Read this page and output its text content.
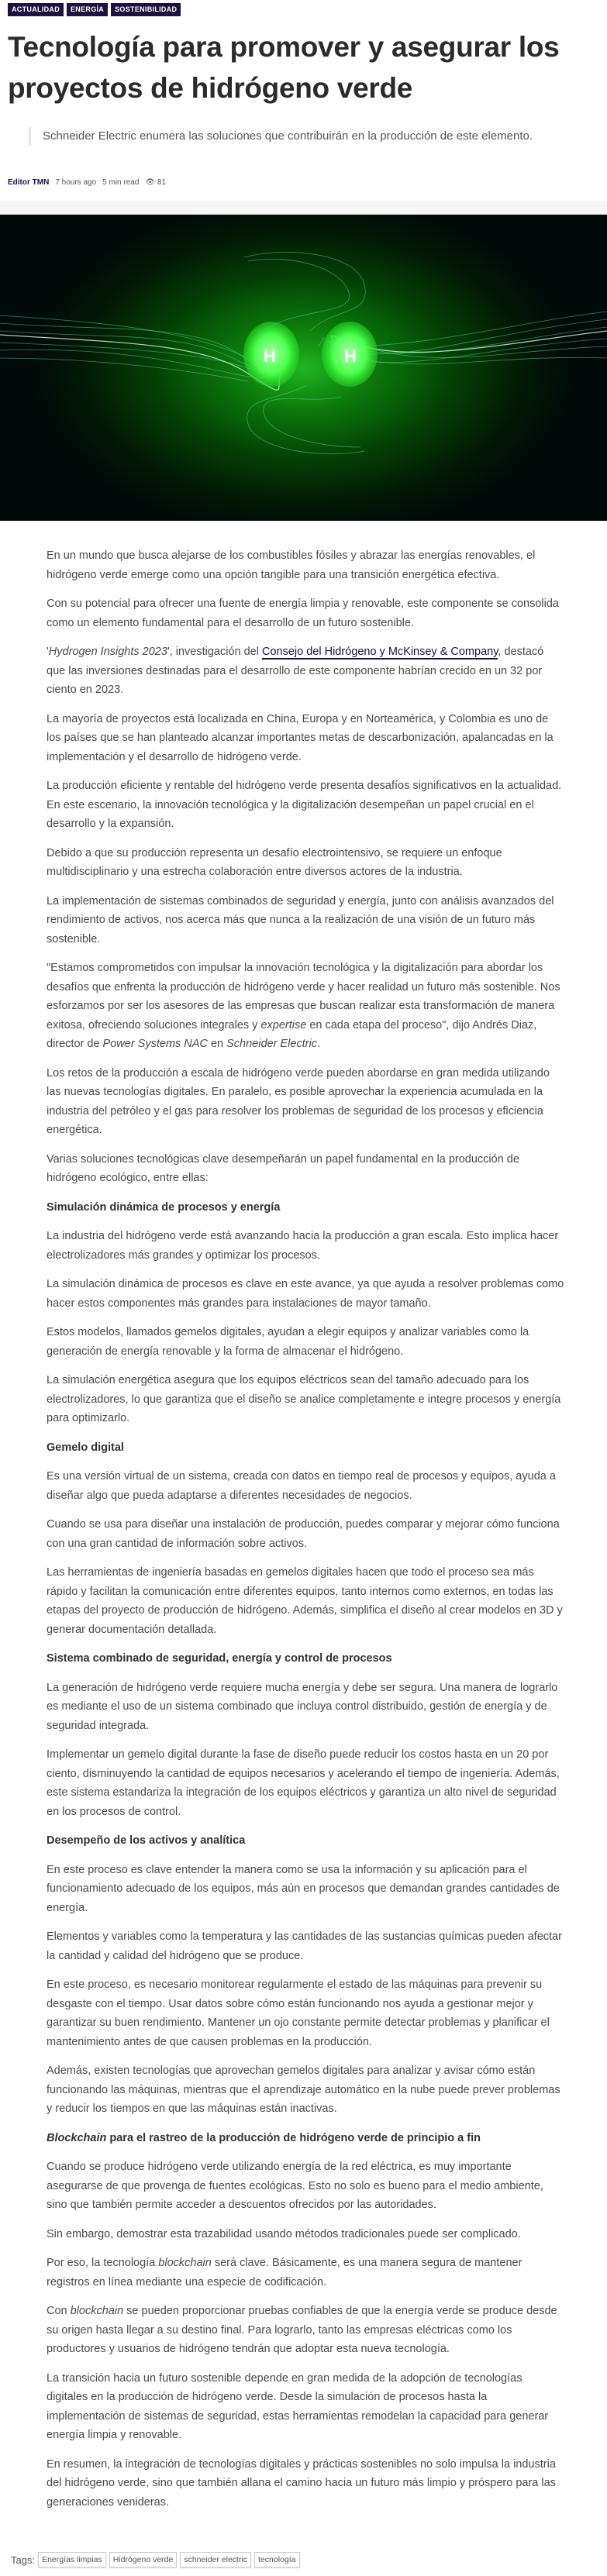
ACTUALIDAD	ENERGÍA	SOSTENIBILIDAD
Tecnología para promover y asegurar los proyectos de hidrógeno verde

Schneider Electric enumera las soluciones que contribuirán en la producción de este elemento.

Editor TMN 7 hours ago 5 min read 👁 81
H	H

En un mundo que busca alejarse de los combustibles fósiles y abrazar las energías renovables, el hidrógeno verde emerge como una opción tangible para una transición energética efectiva.

Con su potencial para ofrecer una fuente de energía limpia y renovable, este componente se consolida como un elemento fundamental para el desarrollo de un futuro sostenible.

'Hydrogen Insights 2023', investigación del Consejo del Hidrógeno y McKinsey & Company, destacó que las inversiones destinadas para el desarrollo de este componente habrían crecido en un 32 por ciento en 2023.

La mayoría de proyectos está localizada en China, Europa y en Norteamérica, y Colombia es uno de los países que se han planteado alcanzar importantes metas de descarbonización, apalancadas en la implementación y el desarrollo de hidrógeno verde.

La producción eficiente y rentable del hidrógeno verde presenta desafíos significativos en la actualidad. En este escenario, la innovación tecnológica y la digitalización desempeñan un papel crucial en el desarrollo y la expansión.

Debido a que su producción representa un desafío electrointensivo, se requiere un enfoque multidisciplinario y una estrecha colaboración entre diversos actores de la industria.

La implementación de sistemas combinados de seguridad y energía, junto con análisis avanzados del rendimiento de activos, nos acerca más que nunca a la realización de una visión de un futuro más sostenible.

"Estamos comprometidos con impulsar la innovación tecnológica y la digitalización para abordar los desafíos que enfrenta la producción de hidrógeno verde y hacer realidad un futuro más sostenible. Nos esforzamos por ser los asesores de las empresas que buscan realizar esta transformación de manera exitosa, ofreciendo soluciones integrales y expertise en cada etapa del proceso", dijo Andrés Diaz, director de Power Systems NAC en Schneider Electric.

Los retos de la producción a escala de hidrógeno verde pueden abordarse en gran medida utilizando las nuevas tecnologías digitales. En paralelo, es posible aprovechar la experiencia acumulada en la industria del petróleo y el gas para resolver los problemas de seguridad de los procesos y eficiencia energética.

Varias soluciones tecnológicas clave desempeñarán un papel fundamental en la producción de hidrógeno ecológico, entre ellas:

Simulación dinámica de procesos y energía

La industria del hidrógeno verde está avanzando hacia la producción a gran escala. Esto implica hacer electrolizadores más grandes y optimizar los procesos.

La simulación dinámica de procesos es clave en este avance, ya que ayuda a resolver problemas como hacer estos componentes más grandes para instalaciones de mayor tamaño.

Estos modelos, llamados gemelos digitales, ayudan a elegir equipos y analizar variables como la generación de energía renovable y la forma de almacenar el hidrógeno.

La simulación energética asegura que los equipos eléctricos sean del tamaño adecuado para los electrolizadores, lo que garantiza que el diseño se analice completamente e integre procesos y energía para optimizarlo.

Gemelo digital

Es una versión virtual de un sistema, creada con datos en tiempo real de procesos y equipos, ayuda a diseñar algo que pueda adaptarse a diferentes necesidades de negocios.

Cuando se usa para diseñar una instalación de producción, puedes comparar y mejorar cómo funciona con una gran cantidad de información sobre activos.

Las herramientas de ingeniería basadas en gemelos digitales hacen que todo el proceso sea más rápido y facilitan la comunicación entre diferentes equipos, tanto internos como externos, en todas las etapas del proyecto de producción de hidrógeno. Además, simplifica el diseño al crear modelos en 3D y generar documentación detallada.

Sistema combinado de seguridad, energía y control de procesos

La generación de hidrógeno verde requiere mucha energía y debe ser segura. Una manera de lograrlo es mediante el uso de un sistema combinado que incluya control distribuido, gestión de energía y de seguridad integrada.

Implementar un gemelo digital durante la fase de diseño puede reducir los costos hasta en un 20 por ciento, disminuyendo la cantidad de equipos necesarios y acelerando el tiempo de ingeniería. Además, este sistema estandariza la integración de los equipos eléctricos y garantiza un alto nivel de seguridad en los procesos de control.

Desempeño de los activos y analítica

En este proceso es clave entender la manera como se usa la información y su aplicación para el funcionamiento adecuado de los equipos, más aún en procesos que demandan grandes cantidades de energía.

Elementos y variables como la temperatura y las cantidades de las sustancias químicas pueden afectar la cantidad y calidad del hidrógeno que se produce.

En este proceso, es necesario monitorear regularmente el estado de las máquinas para prevenir su desgaste con el tiempo. Usar datos sobre cómo están funcionando nos ayuda a gestionar mejor y garantizar su buen rendimiento. Mantener un ojo constante permite detectar problemas y planificar el mantenimiento antes de que causen problemas en la producción.

Además, existen tecnologías que aprovechan gemelos digitales para analizar y avisar cómo están funcionando las máquinas, mientras que el aprendizaje automático en la nube puede prever problemas y reducir los tiempos en que las máquinas están inactivas.

Blockchain para el rastreo de la producción de hidrógeno verde de principio a fin

Cuando se produce hidrógeno verde utilizando energía de la red eléctrica, es muy importante asegurarse de que provenga de fuentes ecológicas. Esto no solo es bueno para el medio ambiente, sino que también permite acceder a descuentos ofrecidos por las autoridades.

Sin embargo, demostrar esta trazabilidad usando métodos tradicionales puede ser complicado.

Por eso, la tecnología blockchain será clave. Básicamente, es una manera segura de mantener registros en línea mediante una especie de codificación.

Con blockchain se pueden proporcionar pruebas confiables de que la energía verde se produce desde su origen hasta llegar a su destino final. Para lograrlo, tanto las empresas eléctricas como los productores y usuarios de hidrógeno tendrán que adoptar esta nueva tecnología.

La transición hacia un futuro sostenible depende en gran medida de la adopción de tecnologías digitales en la producción de hidrógeno verde. Desde la simulación de procesos hasta la implementación de sistemas de seguridad, estas herramientas remodelan la capacidad para generar energía limpia y renovable.

En resumen, la integración de tecnologías digitales y prácticas sostenibles no solo impulsa la industria del hidrógeno verde, sino que también allana el camino hacia un futuro más limpio y próspero para las generaciones venideras.

Tags: Energías limpias	Hidrógeno verde	schneider electric	tecnología
